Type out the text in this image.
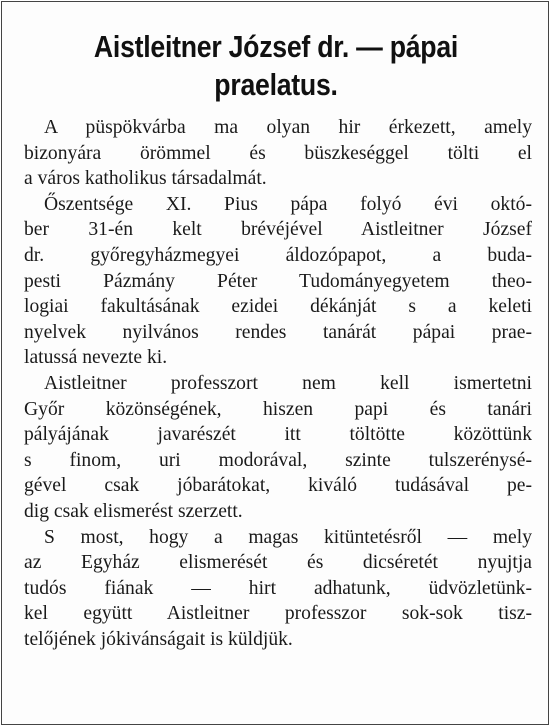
Aistleitner József dr. — pápai
praelatus.
A püspökvárba ma olyan hir érkezett, amely
bizonyára örömmel és büszkeséggel tölti el
a város katholikus társadalmát.
Őszentsége XI. Pius pápa folyó évi októ-
ber 31-én kelt brévéjével Aistleitner József
dr. győregyházmegyei áldozópapot, a buda-
pesti Pázmány Péter Tudományegyetem theo-
logiai fakultásának ezidei dékánját s a keleti
nyelvek nyilvános rendes tanárát pápai prae-
latussá nevezte ki.
Aistleitner professzort nem kell ismertetni
Győr közönségének, hiszen papi és tanári
pályájának javarészét itt töltötte közöttünk
s finom, uri modorával, szinte tulszerénysé-
gével csak jóbarátokat, kiváló tudásával pe-
dig csak elismerést szerzett.
S most, hogy a magas kitüntetésről — mely
az Egyház elismerését és dicséretét nyujtja
tudós fiának — hirt adhatunk, üdvözletünk-
kel együtt Aistleitner professzor sok-sok tisz-
telőjének jókivánságait is küldjük.
